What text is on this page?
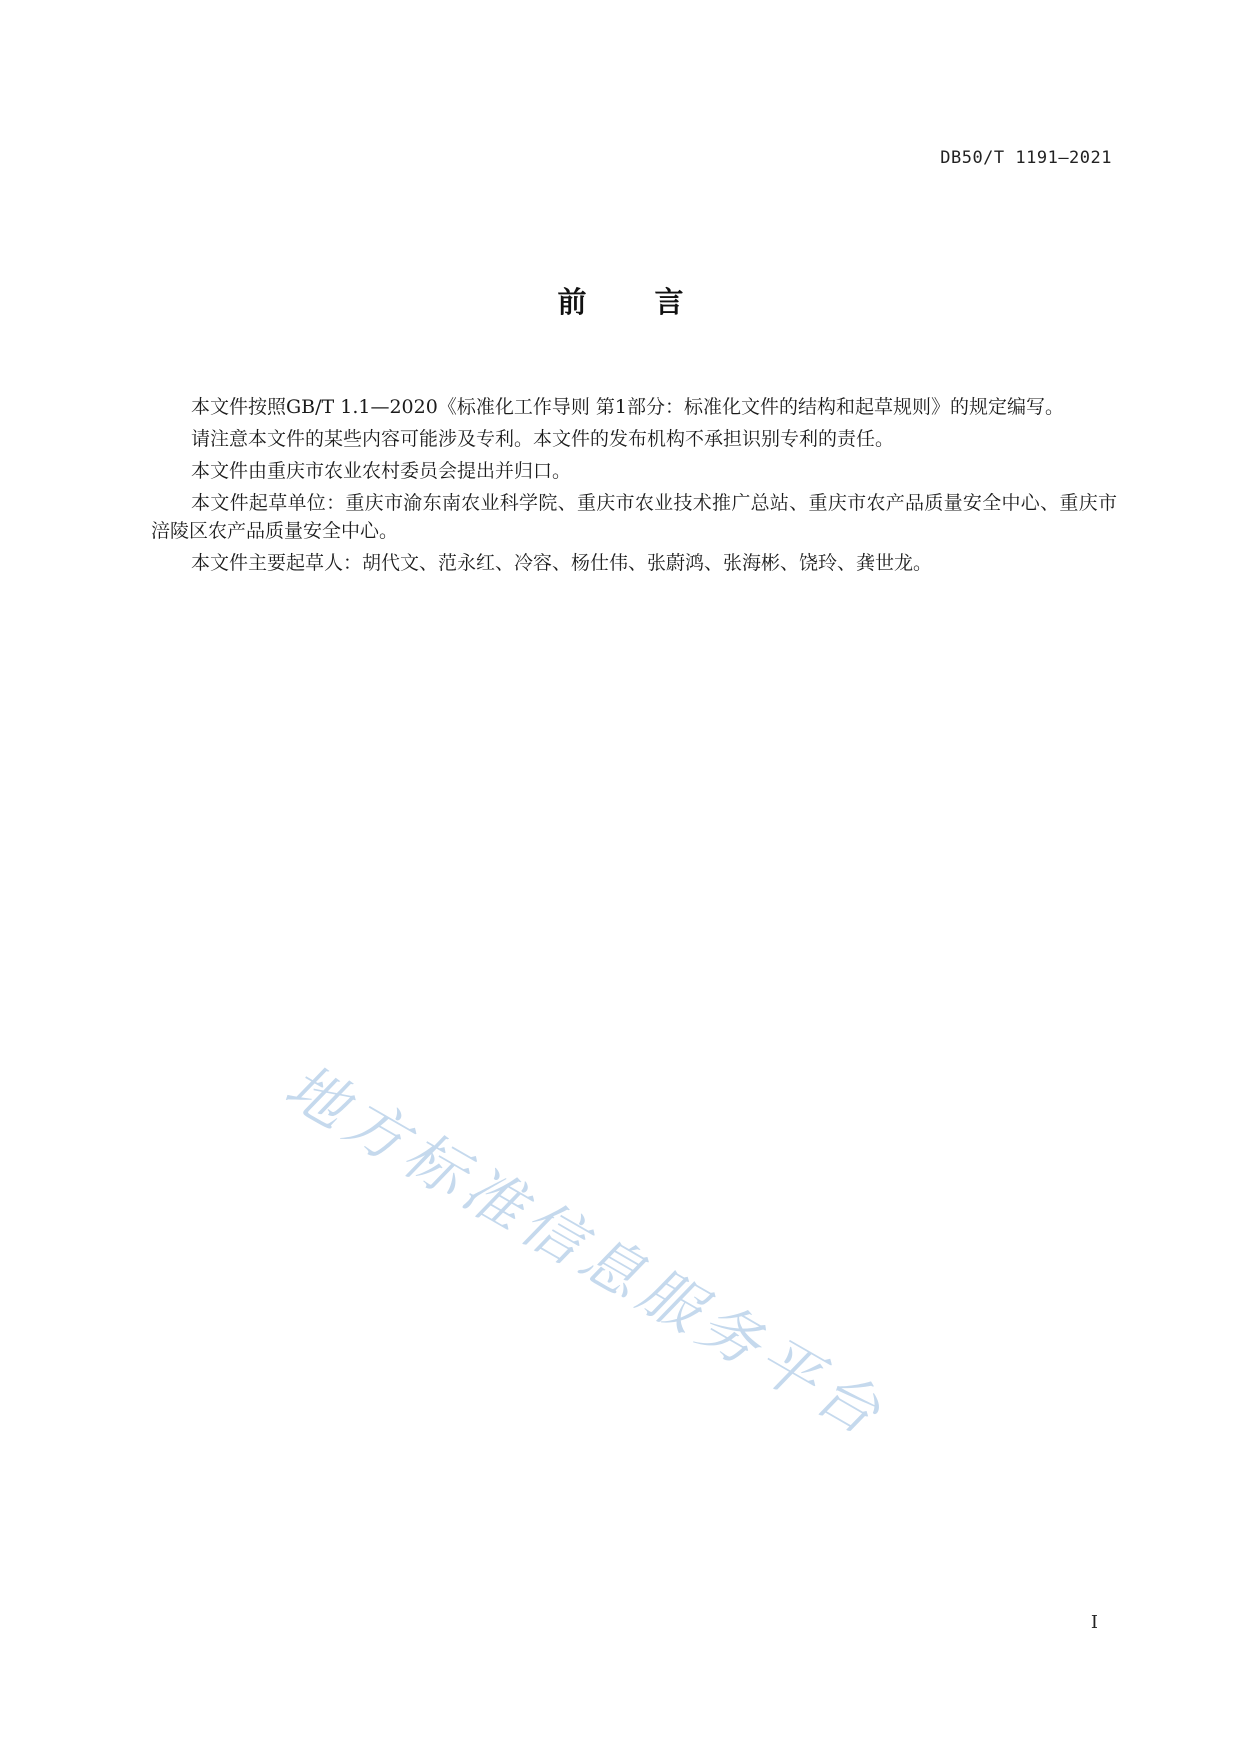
DB50/T 1191—2021
前言

本文件按照GB/T 1.1—2020《标准化工作导则 第1部分：标准化文件的结构和起草规则》的规定编写。

请注意本文件的某些内容可能涉及专利。本文件的发布机构不承担识别专利的责任。

本文件由重庆市农业农村委员会提出并归口。

本文件起草单位：重庆市渝东南农业科学院、重庆市农业技术推广总站、重庆市农产品质量安全中心、重庆市涪陵区农产品质量安全中心。

本文件主要起草人：胡代文、范永红、冷容、杨仕伟、张蔚鸿、张海彬、饶玲、龚世龙。

地方标准信息服务平台
I
